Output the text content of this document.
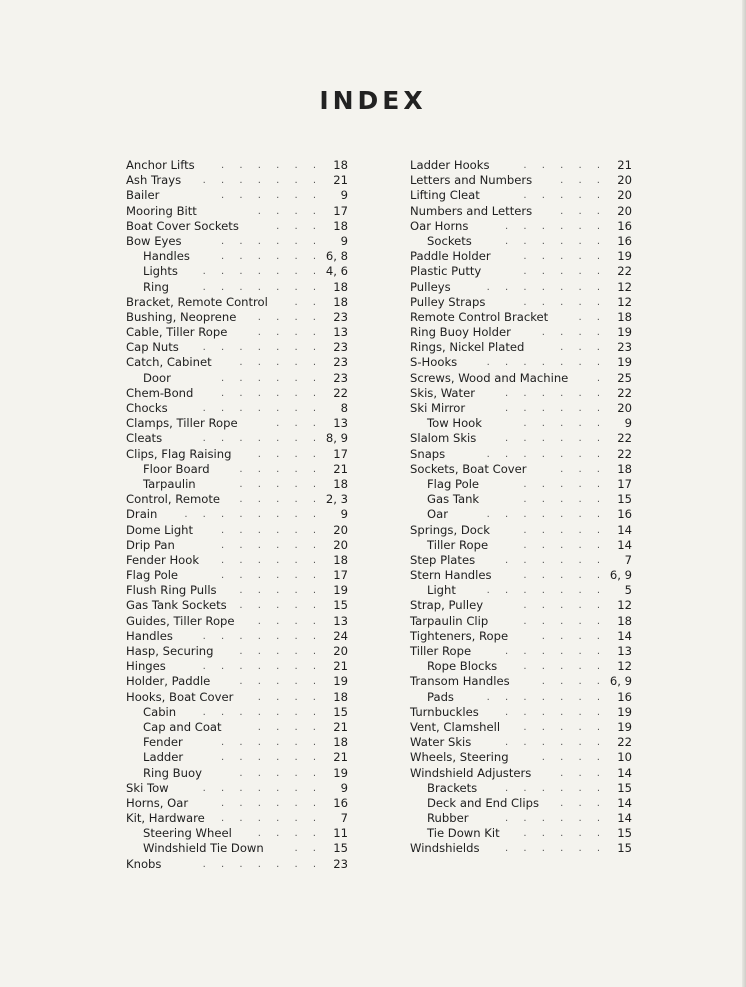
INDEX
Anchor Lifts	. . . . . . 18
Ash Trays . . . . . . . 21
Bailer	. . . . . .	9
Mooring Bitt	. . . . 17
Boat Cover Sockets	. . . 18
Bow Eyes	. . . . . .	9
Handles	. . . . . . 6, 8
Lights . . . . . . . 4, 6
Ring	. . . . . . . 18
Bracket, Remote Control	. . 18
Bushing, Neoprene . . . . 23
Cable, Tiller Rope	. . . . 13
Cap Nuts . . . . . . . 23
Catch, Cabinet	. . . . . 23
Door	. . . . . . 23
Chem-Bond	. . . . . . 22
Chocks	. . . . . . .	8
Clamps, Tiller Rope	. . . 13
Cleats	. . . . . . . 8, 9
Clips, Flag Raising	. . . . 17
Floor Board	. . . . . 21
Tarpaulin	. . . . . 18
Control, Remote . . . . . 2, 3
Drain	. . . . . . . .	9
Dome Light	. . . . . . 20
Drip Pan	. . . . . . 20
Fender Hook . . . . . . 18
Flag Pole	. . . . . . 17
Flush Ring Pulls . . . . . 19
Gas Tank Sockets . . . . . 15
Guides, Tiller Rope . . . . 13
Handles	. . . . . . . 24
Hasp, Securing	. . . . . 20
Hinges	. . . . . . . 21
Holder, Paddle	. . . . . 19
Hooks, Boat Cover . . . . 18
Cabin	. . . . . . . 15
Cap and Coat	. . . . 21
Fender	. . . . . . 18
Ladder	. . . . . . 21
Ring Buoy	. . . . . 19
Ski Tow	. . . . . . .	9
Horns, Oar	. . . . . . 16
Kit, Hardware . . . . . .	7
Steering Wheel	. . . . 11
Windshield Tie Down	. . 15
Knobs	. . . . . . . 23
Ladder Hooks	. . . . . 21
Letters and Numbers	. . . 20
Lifting Cleat	. . . . . 20
Numbers and Letters	. . . 20
Oar Horns	. . . . . . 16
Sockets	. . . . . . 16
Paddle Holder	. . . . . 19
Plastic Putty	. . . . . 22
Pulleys	. . . . . . . 12
Pulley Straps	. . . . . 12
Remote Control Bracket	. . 18
Ring Buoy Holder	. . . . 19
Rings, Nickel Plated	. . . 23
S-Hooks	. . . . . . . 19
Screws, Wood and Machine	. 25
Skis, Water	. . . . . . 22
Ski Mirror	. . . . . . 20
Tow Hook	. . . . .	9
Slalom Skis	. . . . . . 22
Snaps	. . . . . . . 22
Sockets, Boat Cover	. . . 18
Flag Pole	. . . . . 17
Gas Tank	. . . . . 15
Oar	. . . . . . . 16
Springs, Dock	. . . . . 14
Tiller Rope	. . . . . 14
Step Plates	. . . . . .	7
Stern Handles	. . . . . 6, 9
Light	. . . . . . .	5
Strap, Pulley	. . . . . 12
Tarpaulin Clip	. . . . . 18
Tighteners, Rope	. . . . 14
Tiller Rope	. . . . . . 13
Rope Blocks	. . . . . 12
Transom Handles	. . . . 6, 9
Pads	. . . . . . . 16
Turnbuckles	. . . . . . 19
Vent, Clamshell . . . . . 19
Water Skis	. . . . . . 22
Wheels, Steering	. . . . 10
Windshield Adjusters	. . . 14
Brackets	. . . . . . 15
Deck and End Clips . . . 14
Rubber	. . . . . . 14
Tie Down Kit . . . . . 15
Windshields	. . . . . . 15
